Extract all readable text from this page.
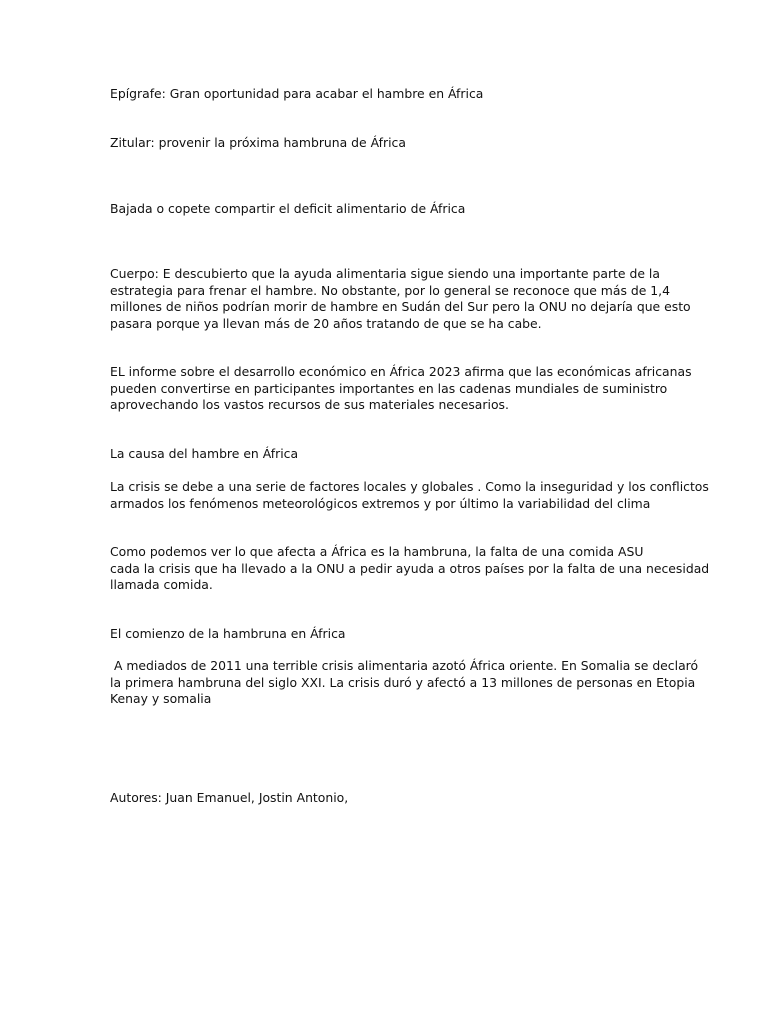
Epígrafe: Gran oportunidad para acabar el hambre en África

Zitular: provenir la próxima hambruna de África

Bajada o copete compartir el deficit alimentario de África

Cuerpo: E descubierto que la ayuda alimentaria sigue siendo una importante parte de la
estrategia para frenar el hambre. No obstante, por lo general se reconoce que más de 1,4
millones de niños podrían morir de hambre en Sudán del Sur pero la ONU no dejaría que esto
pasara porque ya llevan más de 20 años tratando de que se ha cabe.
EL informe sobre el desarrollo económico en África 2023 afirma que las económicas africanas
pueden convertirse en participantes importantes en las cadenas mundiales de suministro
aprovechando los vastos recursos de sus materiales necesarios.

La causa del hambre en África

La crisis se debe a una serie de factores locales y globales . Como la inseguridad y los conflictos
armados los fenómenos meteorológicos extremos y por último la variabilidad del clima
Como podemos ver lo que afecta a África es la hambruna, la falta de una comida ASU
cada la crisis que ha llevado a la ONU a pedir ayuda a otros países por la falta de una necesidad
llamada comida.

El comienzo de la hambruna en África

A mediados de 2011 una terrible crisis alimentaria azotó África oriente. En Somalia se declaró
la primera hambruna del siglo XXI. La crisis duró y afectó a 13 millones de personas en Etopia
Kenay y somalia

Autores: Juan Emanuel, Jostin Antonio,
